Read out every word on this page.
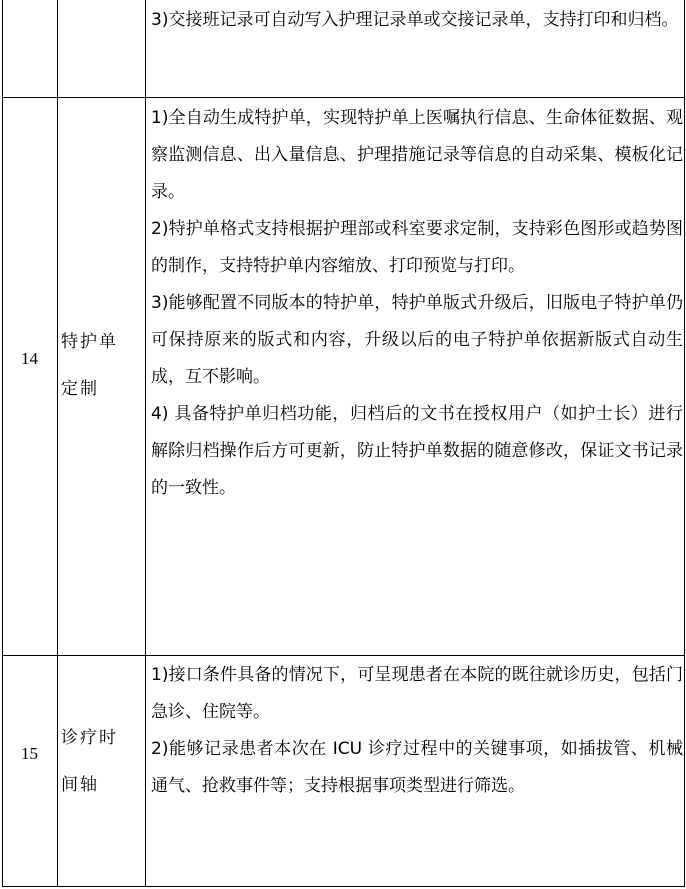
3)交接班记录可自动写入护理记录单或交接记录单，支持打印和归档。
14
特护单
定制
1)全自动生成特护单，实现特护单上医嘱执行信息、生命体征数据、观察监测信息、出入量信息、护理措施记录等信息的自动采集、模板化记录。
2)特护单格式支持根据护理部或科室要求定制，支持彩色图形或趋势图的制作，支持特护单内容缩放、打印预览与打印。
3)能够配置不同版本的特护单，特护单版式升级后，旧版电子特护单仍可保持原来的版式和内容，升级以后的电子特护单依据新版式自动生成，互不影响。
4) 具备特护单归档功能，归档后的文书在授权用户（如护士长）进行解除归档操作后方可更新，防止特护单数据的随意修改，保证文书记录的一致性。
15
诊疗时
间轴
1)接口条件具备的情况下，可呈现患者在本院的既往就诊历史，包括门急诊、住院等。
2)能够记录患者本次在 ICU 诊疗过程中的关键事项，如插拔管、机械通气、抢救事件等；支持根据事项类型进行筛选。
